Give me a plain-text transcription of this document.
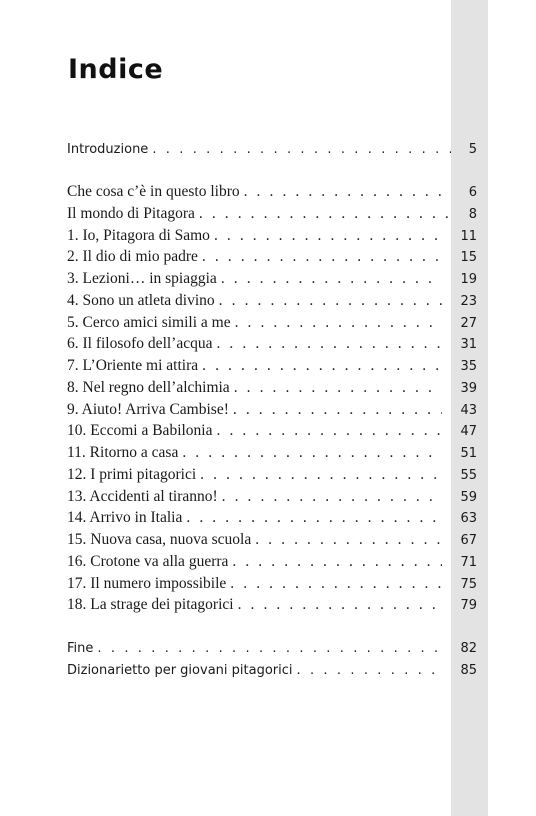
Indice
Introduzione . . .	5
Che cosa c’è in questo libro . . .	6
Il mondo di Pitagora . . .	8
1. Io, Pitagora di Samo . . .	11
2. Il dio di mio padre . . .	15
3. Lezioni… in spiaggia . . .	19
4. Sono un atleta divino . . .	23
5. Cerco amici simili a me . . .	27
6. Il filosofo dell’acqua . . .	31
7. L’Oriente mi attira . . .	35
8. Nel regno dell’alchimia . . .	39
9. Aiuto! Arriva Cambise! . . .	43
10. Eccomi a Babilonia . . .	47
11. Ritorno a casa . . .	51
12. I primi pitagorici . . .	55
13. Accidenti al tiranno! . . .	59
14. Arrivo in Italia . . .	63
15. Nuova casa, nuova scuola . . .	67
16. Crotone va alla guerra . . .	71
17. Il numero impossibile . . .	75
18. La strage dei pitagorici . . .	79
Fine . . .	82
Dizionarietto per giovani pitagorici . . .	85
